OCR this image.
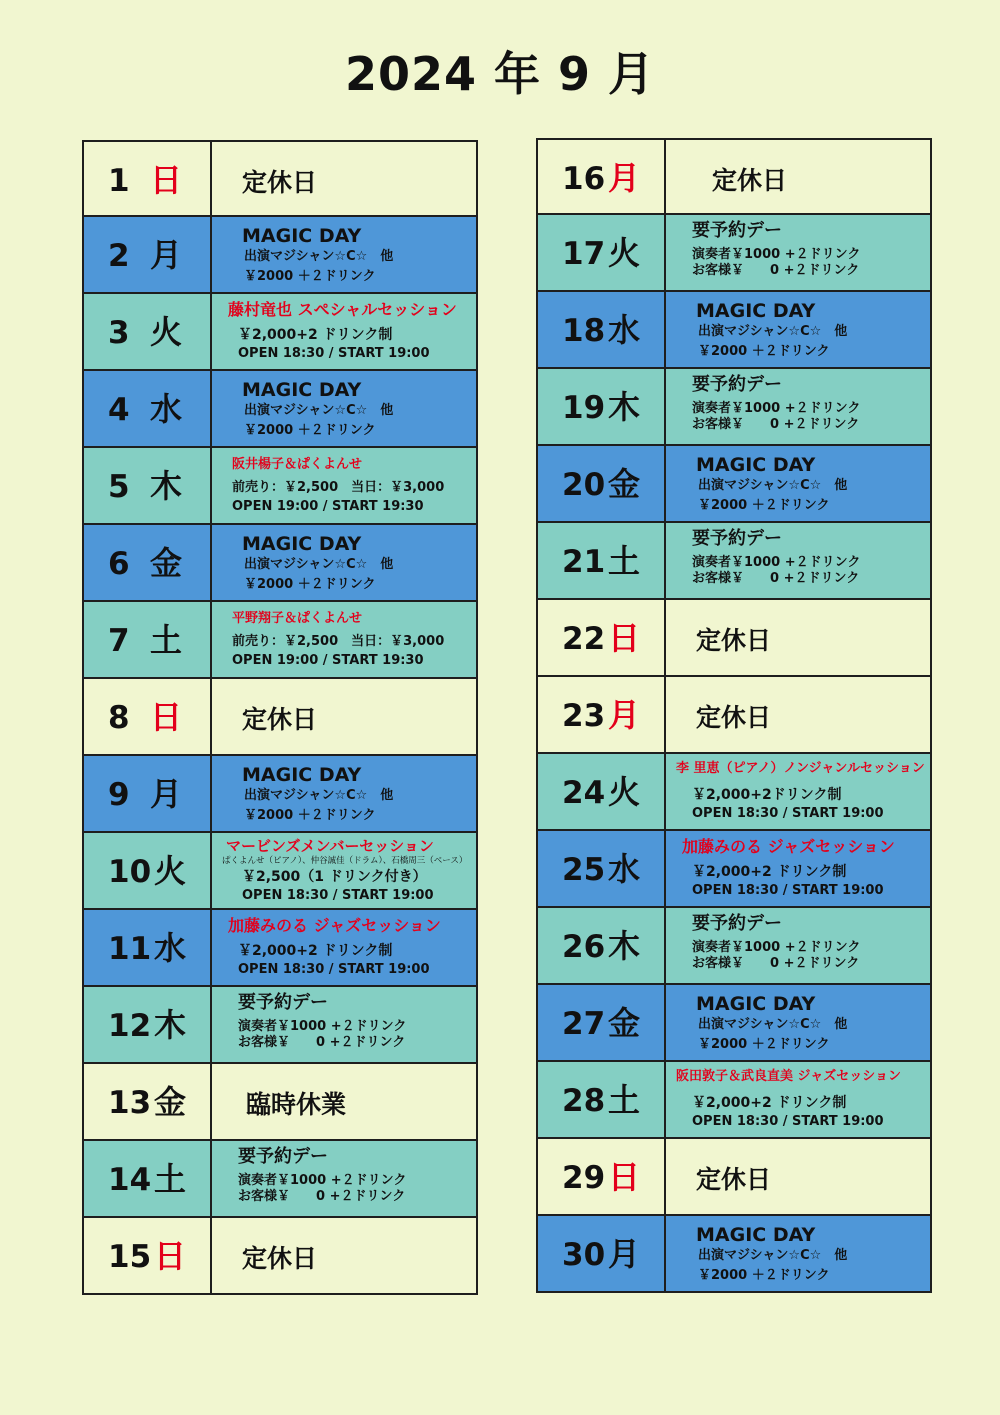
2024 年 9 月
1 日 定休日
2 月	MAGIC DAY
出演マジシャン☆C☆　他
￥2000 ＋２ドリンク
3 火
藤村竜也 スペシャルセッション
￥2,000+2 ドリンク制
OPEN 18:30 / START 19:00
4 水	MAGIC DAY
出演マジシャン☆C☆　他
￥2000 ＋２ドリンク
5 木
阪井楊子＆ぱくよんせ
前売り：￥2,500　当日：￥3,000
OPEN 19:00 / START 19:30
6 金	MAGIC DAY
出演マジシャン☆C☆　他
￥2000 ＋２ドリンク
7 土
平野翔子＆ぱくよんせ
前売り：￥2,500　当日：￥3,000
OPEN 19:00 / START 19:30
8 日 定休日
9 月	MAGIC DAY
出演マジシャン☆C☆　他
￥2000 ＋２ドリンク
10 火
マービンズメンバーセッション
ぱくよんせ（ピアノ）、仲谷誠佳（ドラム）、石橋周三（ベース）
￥2,500（1 ドリンク付き）
OPEN 18:30 / START 19:00
11 水
加藤みのる ジャズセッション
￥2,000+2 ドリンク制
OPEN 18:30 / START 19:00
12 木
要予約デー
演奏者￥1000 +２ドリンク
お客様￥　　0 +２ドリンク
13 金 臨時休業
14 土
要予約デー
演奏者￥1000 +２ドリンク
お客様￥　　0 +２ドリンク
15 日 定休日
16 月	定休日
17 火
要予約デー
演奏者￥1000 +２ドリンク
お客様￥　　0 +２ドリンク
18 水	MAGIC DAY
出演マジシャン☆C☆　他
￥2000 ＋２ドリンク
19 木
要予約デー
演奏者￥1000 +２ドリンク
お客様￥　　0 +２ドリンク
20 金	MAGIC DAY
出演マジシャン☆C☆　他
￥2000 ＋２ドリンク
21 土
要予約デー
演奏者￥1000 +２ドリンク
お客様￥　　0 +２ドリンク
22 日 定休日
23 月 定休日
24 火
李 里恵（ピアノ）ノンジャンルセッション
￥2,000+2ドリンク制
OPEN 18:30 / START 19:00
25 水
加藤みのる ジャズセッション
￥2,000+2 ドリンク制
OPEN 18:30 / START 19:00
26 木
要予約デー
演奏者￥1000 +２ドリンク
お客様￥　　0 +２ドリンク
27 金	MAGIC DAY
出演マジシャン☆C☆　他
￥2000 ＋２ドリンク
28 土
阪田敦子＆武良直美 ジャズセッション
￥2,000+2 ドリンク制
OPEN 18:30 / START 19:00
29 日 定休日
30 月	MAGIC DAY
出演マジシャン☆C☆　他
￥2000 ＋２ドリンク
